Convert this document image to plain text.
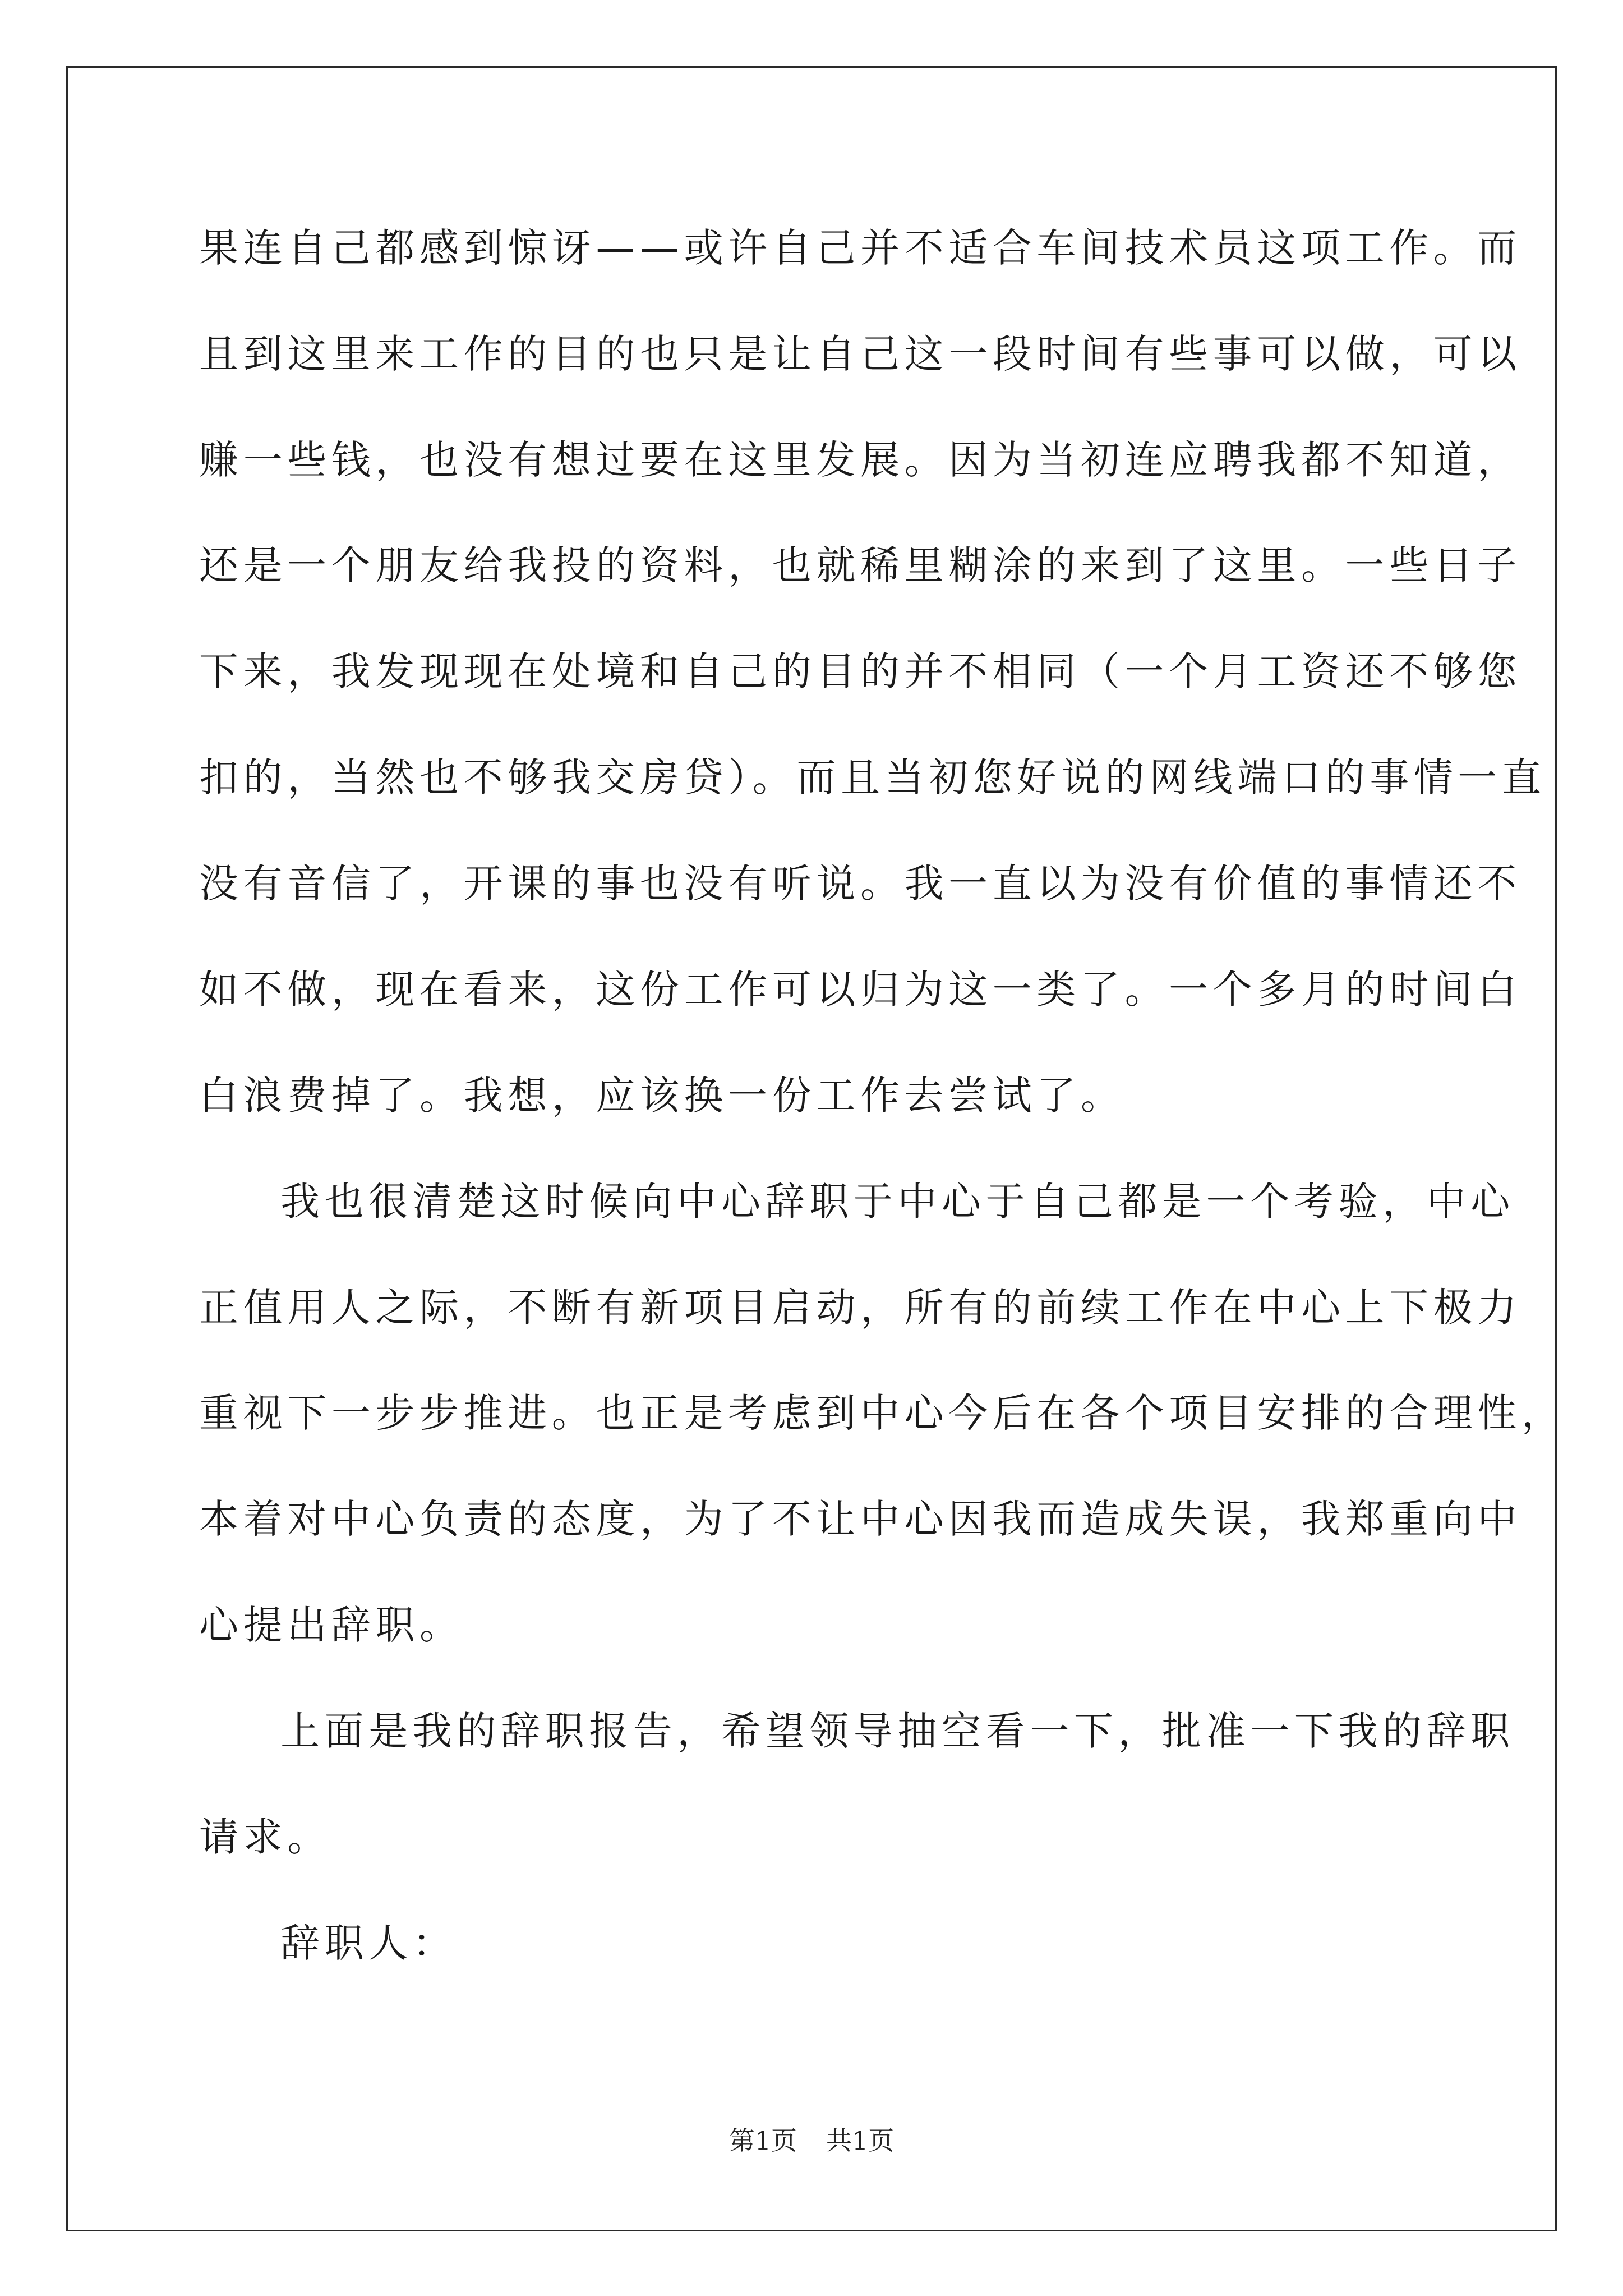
果连自己都感到惊讶——或许自己并不适合车间技术员这项工作。而

且到这里来工作的目的也只是让自己这一段时间有些事可以做，可以

赚一些钱，也没有想过要在这里发展。因为当初连应聘我都不知道，

还是一个朋友给我投的资料，也就稀里糊涂的来到了这里。一些日子

下来，我发现现在处境和自己的目的并不相同（一个月工资还不够您

扣的，当然也不够我交房贷）。而且当初您好说的网线端口的事情一直

没有音信了，开课的事也没有听说。我一直以为没有价值的事情还不

如不做，现在看来，这份工作可以归为这一类了。一个多月的时间白

白浪费掉了。我想，应该换一份工作去尝试了。

我也很清楚这时候向中心辞职于中心于自己都是一个考验，中心

正值用人之际，不断有新项目启动，所有的前续工作在中心上下极力

重视下一步步推进。也正是考虑到中心今后在各个项目安排的合理性，

本着对中心负责的态度，为了不让中心因我而造成失误，我郑重向中

心提出辞职。

上面是我的辞职报告，希望领导抽空看一下，批准一下我的辞职

请求。

辞职人：

第1页 共1页
